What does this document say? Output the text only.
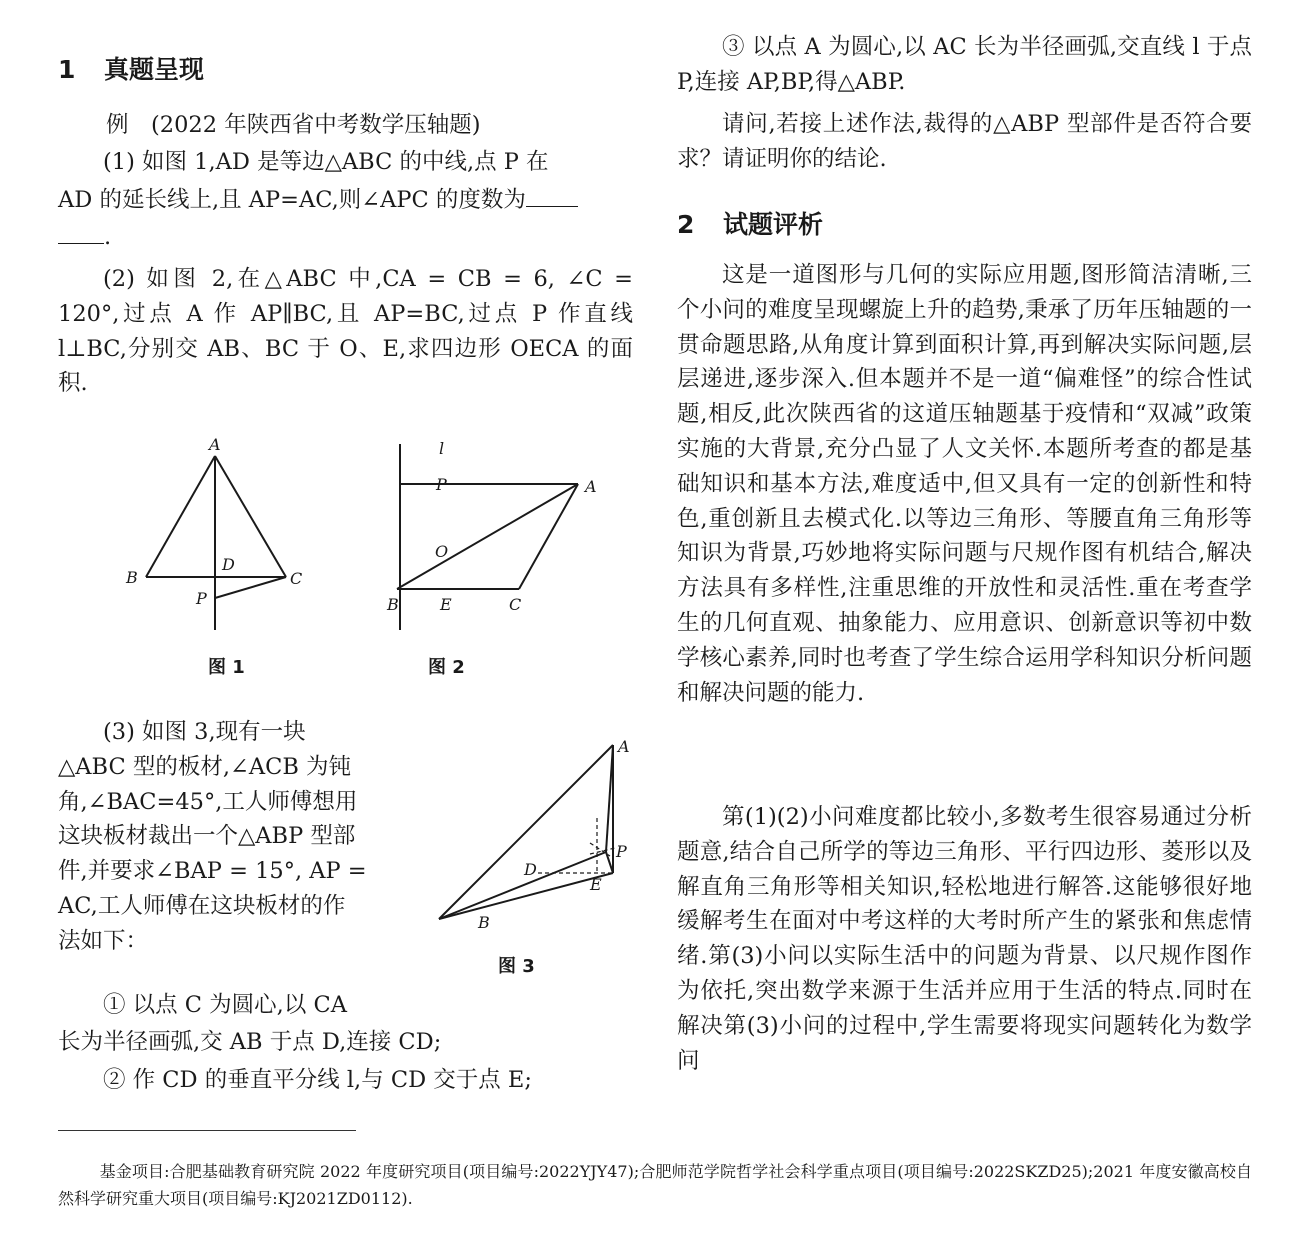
1 真题呈现

例　(2022 年陕西省中考数学压轴题)

(1) 如图 1,AD 是等边△ABC 的中线,点 P 在

AD 的延长线上,且 AP=AC,则∠APC 的度数为
.

(2) 如图 2,在△ABC 中,CA = CB = 6, ∠C = 120°,过点 A 作 AP∥BC,且 AP=BC,过点 P 作直线 l⊥BC,分别交 AB、BC 于 O、E,求四边形 OECA 的面积.

A
B	C
D
P
图 1
l
P	A
O
B	E	C
图 2

(3) 如图 3,现有一块

△ABC 型的板材,∠ACB 为钝

角,∠BAC=45°,工人师傅想用

这块板材裁出一个△ABP 型部

件,并要求∠BAP = 15°, AP =

AC,工人师傅在这块板材的作

法如下：

A
P
D
E
B
图 3

① 以点 C 为圆心,以 CA

长为半径画弧,交 AB 于点 D,连接 CD;

② 作 CD 的垂直平分线 l,与 CD 交于点 E;

③ 以点 A 为圆心,以 AC 长为半径画弧,交直线 l 于点 P,连接 AP,BP,得△ABP.

请问,若接上述作法,裁得的△ABP 型部件是否符合要求？请证明你的结论.

2 试题评析

这是一道图形与几何的实际应用题,图形简洁清晰,三个小问的难度呈现螺旋上升的趋势,秉承了历年压轴题的一贯命题思路,从角度计算到面积计算,再到解决实际问题,层层递进,逐步深入.但本题并不是一道“偏难怪”的综合性试题,相反,此次陕西省的这道压轴题基于疫情和“双减”政策实施的大背景,充分凸显了人文关怀.本题所考查的都是基础知识和基本方法,难度适中,但又具有一定的创新性和特色,重创新且去模式化.以等边三角形、等腰直角三角形等知识为背景,巧妙地将实际问题与尺规作图有机结合,解决方法具有多样性,注重思维的开放性和灵活性.重在考查学生的几何直观、抽象能力、应用意识、创新意识等初中数学核心素养,同时也考查了学生综合运用学科知识分析问题和解决问题的能力.

第(1)(2)小问难度都比较小,多数考生很容易通过分析题意,结合自己所学的等边三角形、平行四边形、菱形以及解直角三角形等相关知识,轻松地进行解答.这能够很好地缓解考生在面对中考这样的大考时所产生的紧张和焦虑情绪.第(3)小问以实际生活中的问题为背景、以尺规作图作为依托,突出数学来源于生活并应用于生活的特点.同时在解决第(3)小问的过程中,学生需要将现实问题转化为数学问

基金项目:合肥基础教育研究院 2022 年度研究项目(项目编号:2022YJY47);合肥师范学院哲学社会科学重点项目(项目编号:2022SKZD25);2021 年度安徽高校自然科学研究重大项目(项目编号:KJ2021ZD0112).
